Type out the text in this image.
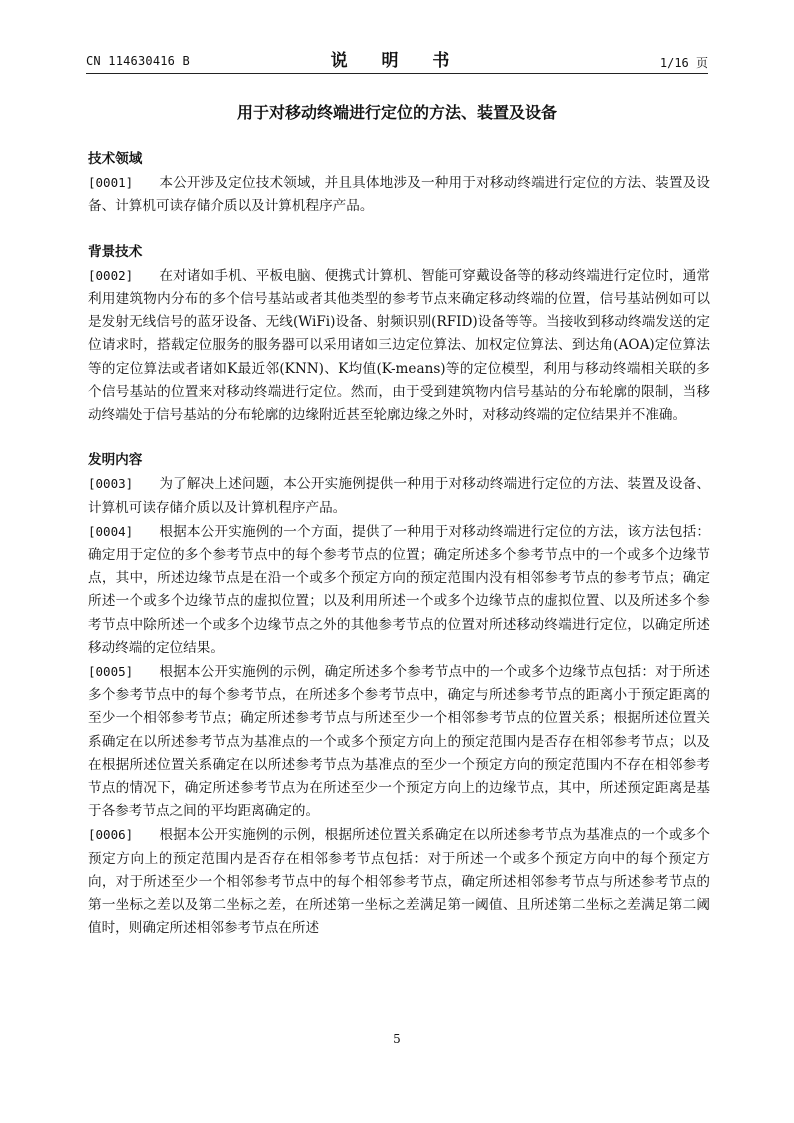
CN 114630416 B	说 明 书	1/16 页
用于对移动终端进行定位的方法、装置及设备

技术领域

[0001] 本公开涉及定位技术领域，并且具体地涉及一种用于对移动终端进行定位的方法、装置及设备、计算机可读存储介质以及计算机程序产品。

背景技术

[0002] 在对诸如手机、平板电脑、便携式计算机、智能可穿戴设备等的移动终端进行定位时，通常利用建筑物内分布的多个信号基站或者其他类型的参考节点来确定移动终端的位置，信号基站例如可以是发射无线信号的蓝牙设备、无线(WiFi)设备、射频识别(RFID)设备等等。当接收到移动终端发送的定位请求时，搭载定位服务的服务器可以采用诸如三边定位算法、加权定位算法、到达角(AOA)定位算法等的定位算法或者诸如K最近邻(KNN)、K均值(K-means)等的定位模型，利用与移动终端相关联的多个信号基站的位置来对移动终端进行定位。然而，由于受到建筑物内信号基站的分布轮廓的限制，当移动终端处于信号基站的分布轮廓的边缘附近甚至轮廓边缘之外时，对移动终端的定位结果并不准确。

发明内容

[0003] 为了解决上述问题，本公开实施例提供一种用于对移动终端进行定位的方法、装置及设备、计算机可读存储介质以及计算机程序产品。

[0004] 根据本公开实施例的一个方面，提供了一种用于对移动终端进行定位的方法，该方法包括：确定用于定位的多个参考节点中的每个参考节点的位置；确定所述多个参考节点中的一个或多个边缘节点，其中，所述边缘节点是在沿一个或多个预定方向的预定范围内没有相邻参考节点的参考节点；确定所述一个或多个边缘节点的虚拟位置；以及利用所述一个或多个边缘节点的虚拟位置、以及所述多个参考节点中除所述一个或多个边缘节点之外的其他参考节点的位置对所述移动终端进行定位，以确定所述移动终端的定位结果。

[0005] 根据本公开实施例的示例，确定所述多个参考节点中的一个或多个边缘节点包括：对于所述多个参考节点中的每个参考节点，在所述多个参考节点中，确定与所述参考节点的距离小于预定距离的至少一个相邻参考节点；确定所述参考节点与所述至少一个相邻参考节点的位置关系；根据所述位置关系确定在以所述参考节点为基准点的一个或多个预定方向上的预定范围内是否存在相邻参考节点；以及在根据所述位置关系确定在以所述参考节点为基准点的至少一个预定方向的预定范围内不存在相邻参考节点的情况下，确定所述参考节点为在所述至少一个预定方向上的边缘节点，其中，所述预定距离是基于各参考节点之间的平均距离确定的。

[0006] 根据本公开实施例的示例，根据所述位置关系确定在以所述参考节点为基准点的一个或多个预定方向上的预定范围内是否存在相邻参考节点包括：对于所述一个或多个预定方向中的每个预定方向，对于所述至少一个相邻参考节点中的每个相邻参考节点，确定所述相邻参考节点与所述参考节点的第一坐标之差以及第二坐标之差，在所述第一坐标之差满足第一阈值、且所述第二坐标之差满足第二阈值时，则确定所述相邻参考节点在所述

5
